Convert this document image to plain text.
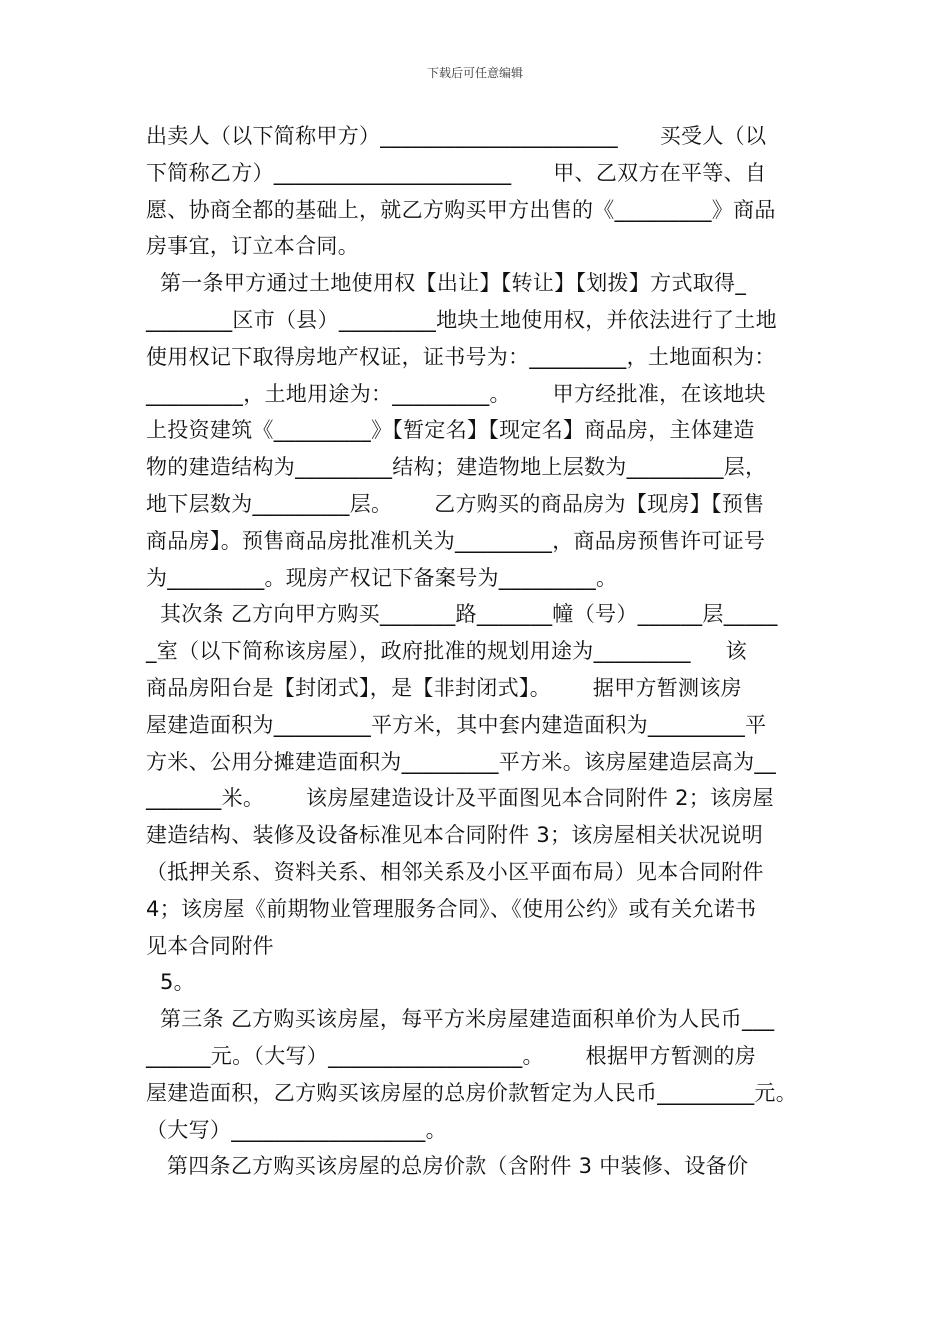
下载后可任意编辑
出卖人（以下简称甲方）______________________      买受人（以
下简称乙方）______________________      甲、乙双方在平等、自
愿、协商全都的基础上，就乙方购买甲方出售的《_________》商品
房事宜，订立本合同。
第一条甲方通过土地使用权【出让】【转让】【划拨】方式取得_
________区市（县）_________地块土地使用权，并依法进行了土地
使用权记下取得房地产权证，证书号为：_________，土地面积为：
_________，土地用途为：_________。      甲方经批准，在该地块
上投资建筑《_________》【暂定名】【现定名】商品房，主体建造
物的建造结构为_________结构；建造物地上层数为_________层，
地下层数为_________层。      乙方购买的商品房为【现房】【预售
商品房】。预售商品房批准机关为_________，商品房预售许可证号
为_________。现房产权记下备案号为_________。
其次条 乙方向甲方购买_______路_______幢（号）______层_____
_室（以下简称该房屋），政府批准的规划用途为_________     该
商品房阳台是【封闭式】，是【非封闭式】。      据甲方暂测该房
屋建造面积为_________平方米，其中套内建造面积为_________平
方米、公用分摊建造面积为_________平方米。该房屋建造层高为__
_______米。      该房屋建造设计及平面图见本合同附件 2；该房屋
建造结构、装修及设备标准见本合同附件 3；该房屋相关状况说明
（抵押关系、资料关系、相邻关系及小区平面布局）见本合同附件
4；该房屋《前期物业管理服务合同》、《使用公约》或有关允诺书
见本合同附件
5。
第三条 乙方购买该房屋，每平方米房屋建造面积单价为人民币___
______元。（大写）__________________。      根据甲方暂测的房
屋建造面积，乙方购买该房屋的总房价款暂定为人民币_________元。
（大写）__________________。
第四条乙方购买该房屋的总房价款（含附件 3 中装修、设备价
